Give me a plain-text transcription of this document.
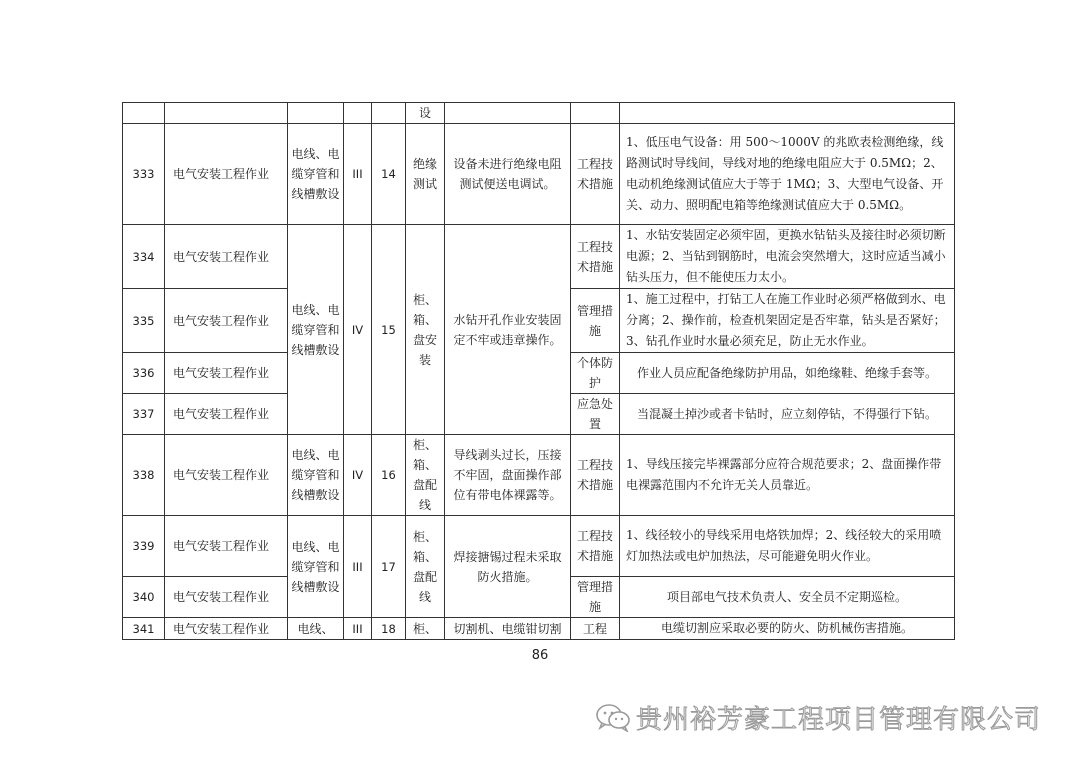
					设			
333	电气安装工程作业	电线、电缆穿管和线槽敷设	III	14	绝缘测试	设备未进行绝缘电阻测试便送电调试。	工程技术措施	1、低压电气设备：用 500～1000V 的兆欧表检测绝缘，线路测试时导线间，导线对地的绝缘电阻应大于 0.5MΩ；2、电动机绝缘测试值应大于等于 1MΩ；3、大型电气设备、开关、动力、照明配电箱等绝缘测试值应大于 0.5MΩ。
334	电气安装工程作业	电线、电缆穿管和线槽敷设	IV	15	柜、箱、盘安装	水钻开孔作业安装固定不牢或违章操作。	工程技术措施	1、水钻安装固定必须牢固，更换水钻钻头及接往时必须切断电源；2、当钻到钢筋时，电流会突然增大，这时应适当减小钻头压力，但不能使压力太小。
335	电气安装工程作业						管理措施	1、施工过程中，打钻工人在施工作业时必须严格做到水、电分离；2、操作前，检查机架固定是否牢靠，钻头是否紧好；3、钻孔作业时水量必须充足，防止无水作业。
336	电气安装工程作业						个体防护	作业人员应配备绝缘防护用品，如绝缘鞋、绝缘手套等。
337	电气安装工程作业						应急处置	当混凝土掉沙或者卡钻时，应立刻停钻，不得强行下钻。
338	电气安装工程作业	电线、电缆穿管和线槽敷设	IV	16	柜、箱、盘配线	导线剥头过长，压接不牢固，盘面操作部位有带电体裸露等。	工程技术措施	1、导线压接完毕裸露部分应符合规范要求；2、盘面操作带电裸露范围内不允许无关人员靠近。
339	电气安装工程作业	电线、电缆穿管和线槽敷设	III	17	柜、箱、盘配线	焊接搪锡过程未采取防火措施。	工程技术措施	1、线径较小的导线采用电烙铁加焊；2、线径较大的采用喷灯加热法或电炉加热法，尽可能避免明火作业。
340	电气安装工程作业						管理措施	项目部电气技术负责人、安全员不定期巡检。
341	电气安装工程作业	电线、	III	18	柜、	切割机、电缆钳切割	工程	电缆切割应采取必要的防火、防机械伤害措施。
86
贵州裕芳豪工程项目管理有限公司
